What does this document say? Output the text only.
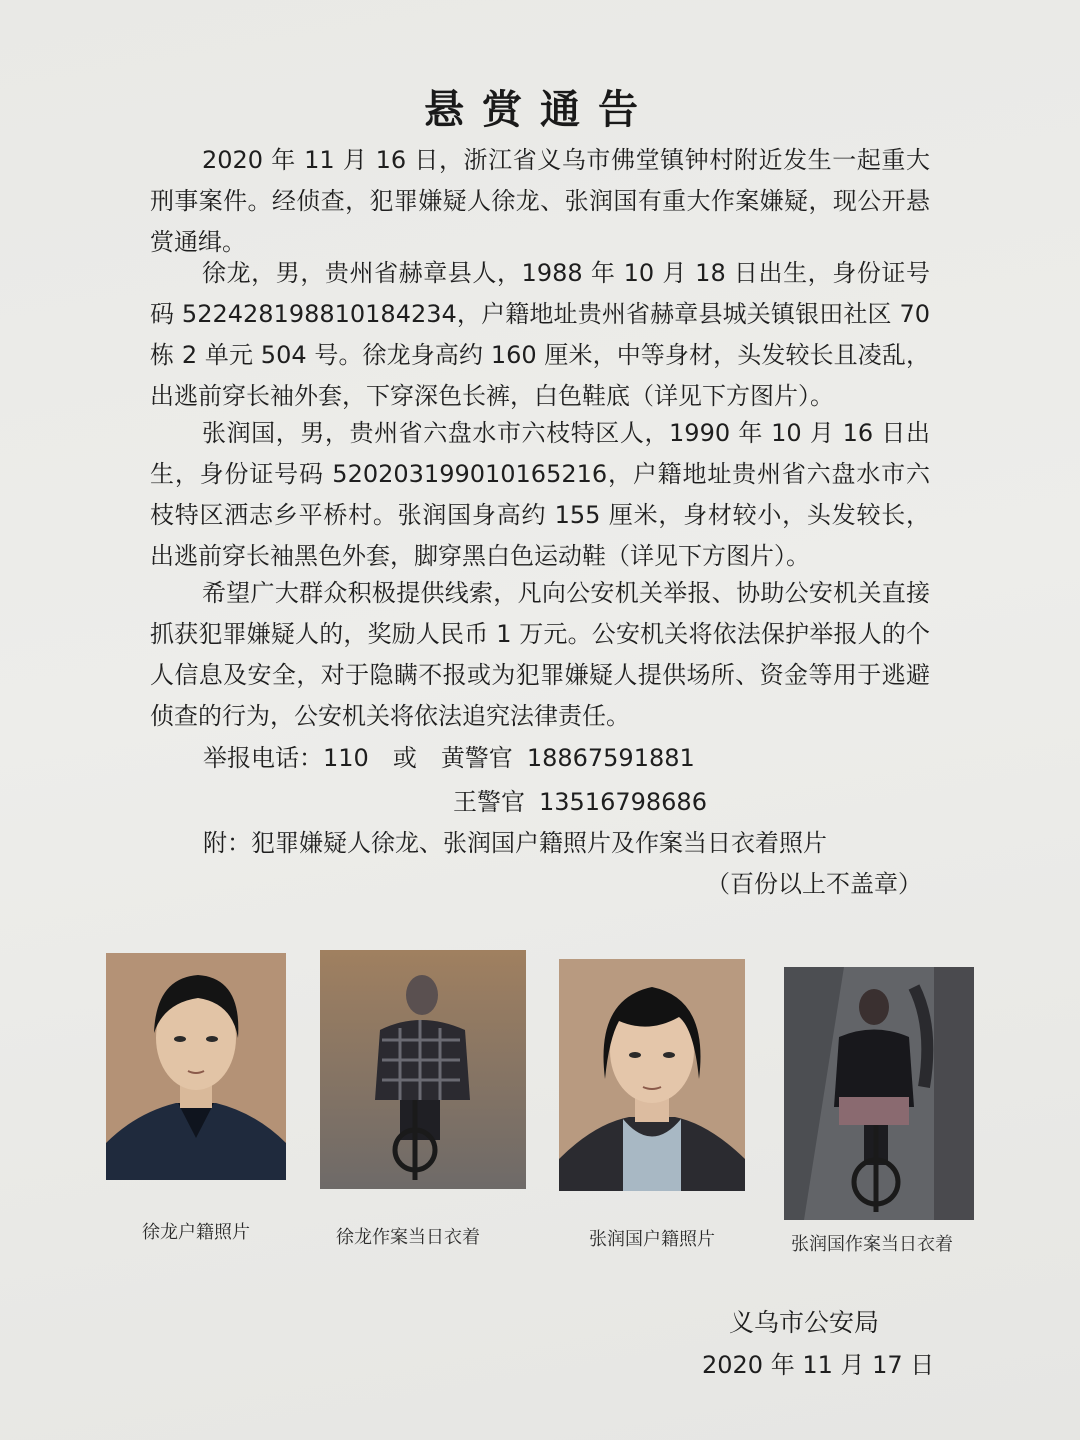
悬赏通告
2020 年 11 月 16 日，浙江省义乌市佛堂镇钟村附近发生一起重大刑事案件。经侦查，犯罪嫌疑人徐龙、张润国有重大作案嫌疑，现公开悬赏通缉。
徐龙，男，贵州省赫章县人，1988 年 10 月 18 日出生，身份证号码 522428198810184234，户籍地址贵州省赫章县城关镇银田社区 70 栋 2 单元 504 号。徐龙身高约 160 厘米，中等身材，头发较长且凌乱，出逃前穿长袖外套，下穿深色长裤，白色鞋底（详见下方图片）。
张润国，男，贵州省六盘水市六枝特区人，1990 年 10 月 16 日出生，身份证号码 520203199010165216，户籍地址贵州省六盘水市六枝特区洒志乡平桥村。张润国身高约 155 厘米，身材较小，头发较长，出逃前穿长袖黑色外套，脚穿黑白色运动鞋（详见下方图片）。
希望广大群众积极提供线索，凡向公安机关举报、协助公安机关直接抓获犯罪嫌疑人的，奖励人民币 1 万元。公安机关将依法保护举报人的个人信息及安全，对于隐瞒不报或为犯罪嫌疑人提供场所、资金等用于逃避侦查的行为，公安机关将依法追究法律责任。
举报电话：110 或 黄警官 18867591881
王警官 13516798686
附：犯罪嫌疑人徐龙、张润国户籍照片及作案当日衣着照片
（百份以上不盖章）
徐龙户籍照片	徐龙作案当日衣着	张润国户籍照片	张润国作案当日衣着
义乌市公安局
2020 年 11 月 17 日
